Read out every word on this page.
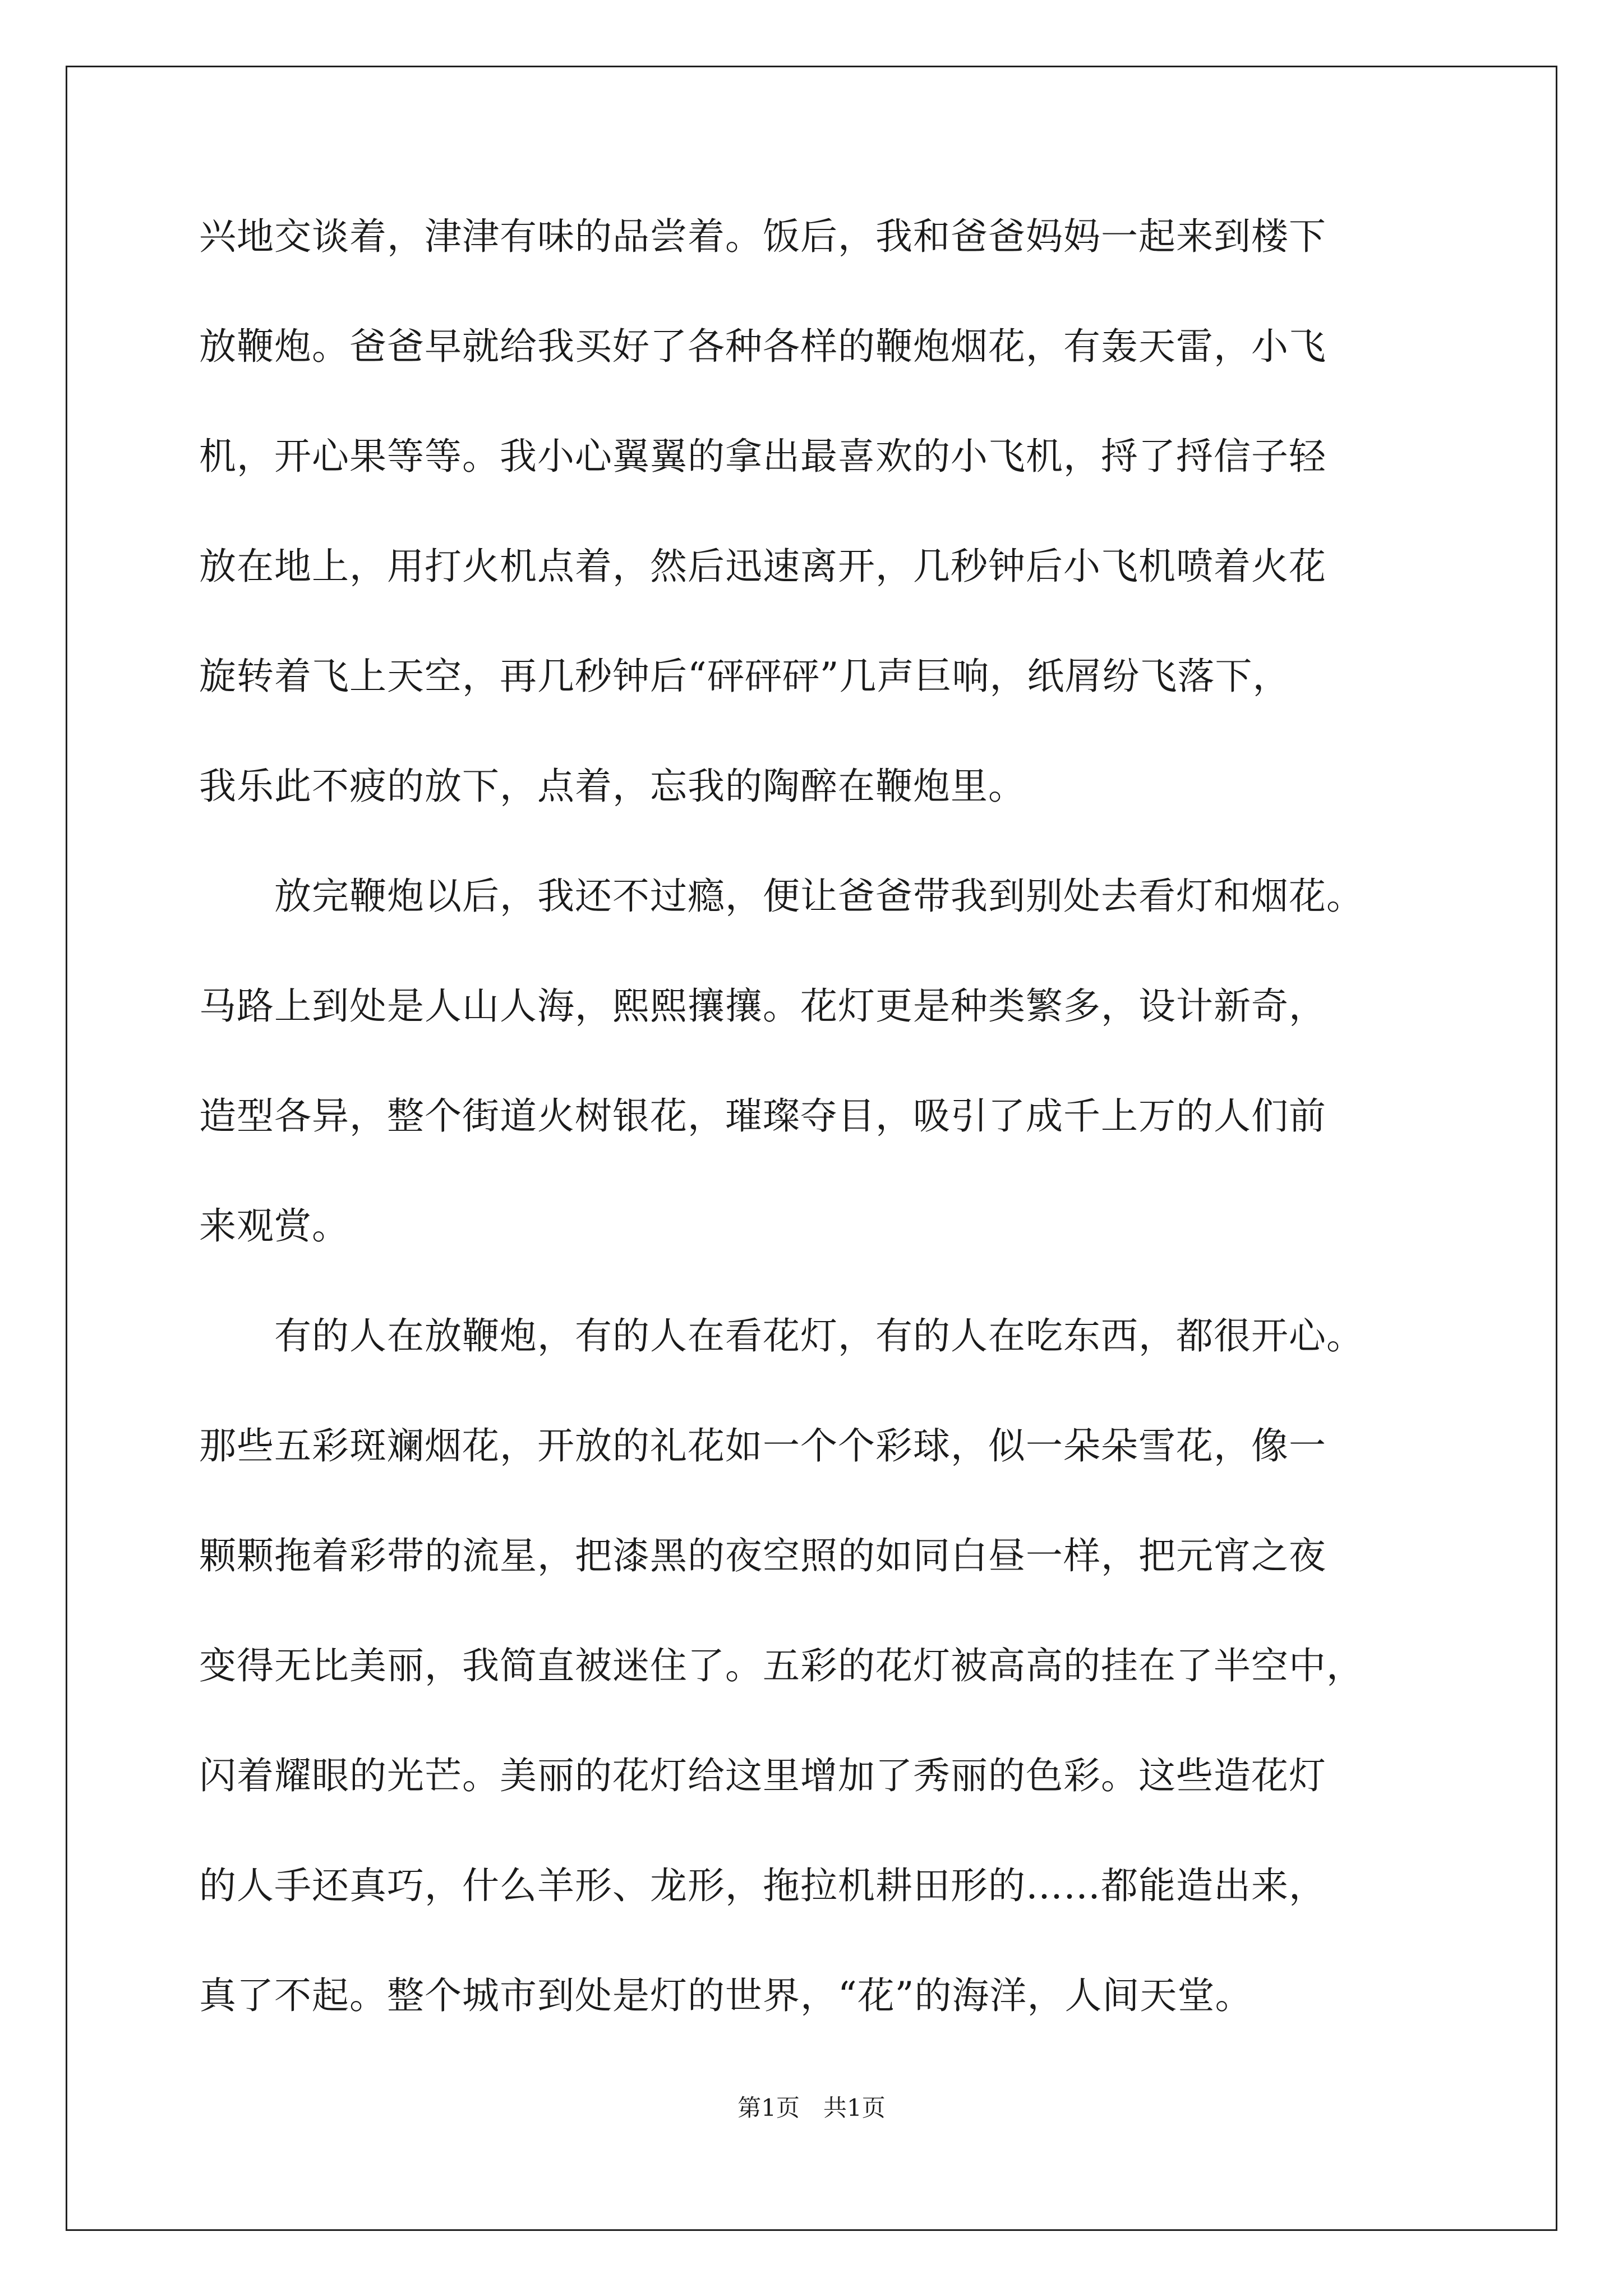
兴地交谈着，津津有味的品尝着。饭后，我和爸爸妈妈一起来到楼下
放鞭炮。爸爸早就给我买好了各种各样的鞭炮烟花，有轰天雷，小飞
机，开心果等等。我小心翼翼的拿出最喜欢的小飞机，捋了捋信子轻
放在地上，用打火机点着，然后迅速离开，几秒钟后小飞机喷着火花
旋转着飞上天空，再几秒钟后“砰砰砰”几声巨响，纸屑纷飞落下，
我乐此不疲的放下，点着，忘我的陶醉在鞭炮里。
　　放完鞭炮以后，我还不过瘾，便让爸爸带我到别处去看灯和烟花。
马路上到处是人山人海，熙熙攘攘。花灯更是种类繁多，设计新奇，
造型各异，整个街道火树银花，璀璨夺目，吸引了成千上万的人们前
来观赏。
　　有的人在放鞭炮，有的人在看花灯，有的人在吃东西，都很开心。
那些五彩斑斓烟花，开放的礼花如一个个彩球，似一朵朵雪花，像一
颗颗拖着彩带的流星，把漆黑的夜空照的如同白昼一样，把元宵之夜
变得无比美丽，我简直被迷住了。五彩的花灯被高高的挂在了半空中，
闪着耀眼的光芒。美丽的花灯给这里增加了秀丽的色彩。这些造花灯
的人手还真巧，什么羊形、龙形，拖拉机耕田形的……都能造出来，
真了不起。整个城市到处是灯的世界，“花”的海洋，人间天堂。
第1页　共1页
